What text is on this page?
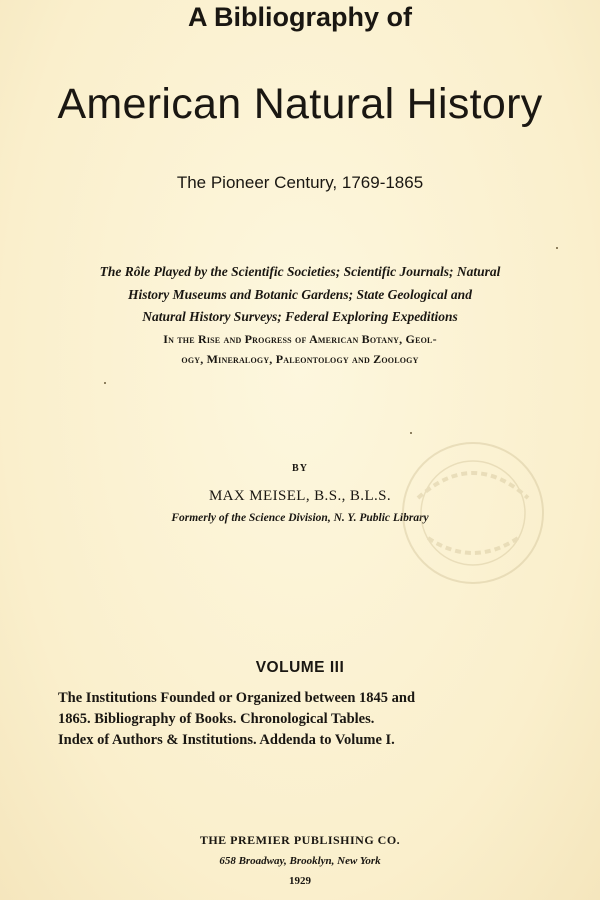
A Bibliography of
American Natural History
The Pioneer Century, 1769-1865
The Rôle Played by the Scientific Societies; Scientific Journals; Natural
History Museums and Botanic Gardens; State Geological and
Natural History Surveys; Federal Exploring Expeditions
In the Rise and Progress of American Botany, Geol-
ogy, Mineralogy, Paleontology and Zoology
BY
MAX MEISEL, B.S., B.L.S.
Formerly of the Science Division, N. Y. Public Library
VOLUME III
The Institutions Founded or Organized between 1845 and
1865. Bibliography of Books. Chronological Tables.
Index of Authors & Institutions. Addenda to Volume I.
THE PREMIER PUBLISHING CO.
658 Broadway, Brooklyn, New York
1929
